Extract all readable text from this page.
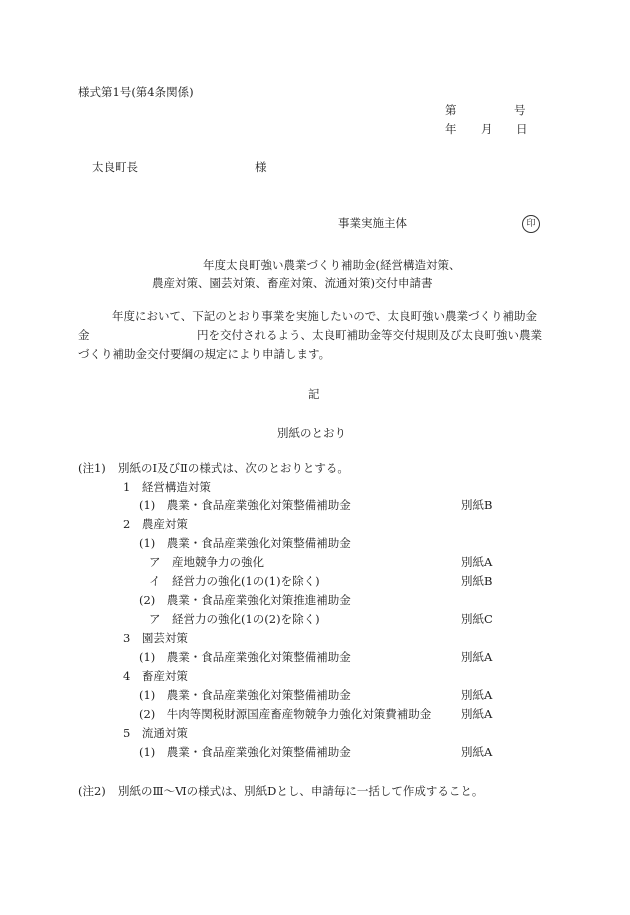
様式第1号(第4条関係)
第	号
年 月 日
太良町長	様
事業実施主体	印
年度太良町強い農業づくり補助金(経営構造対策、
農産対策、園芸対策、畜産対策、流通対策)交付申請書
年度において、下記のとおり事業を実施したいので、太良町強い農業づくり補助金
金	円を交付されるよう、太良町補助金等交付規則及び太良町強い農業
づくり補助金交付要綱の規定により申請します。
記
別紙のとおり
(注1) 別紙のⅠ及びⅡの様式は、次のとおりとする。
1　経営構造対策
(1)　農業・食品産業強化対策整備補助金	別紙B
2　農産対策
(1)　農業・食品産業強化対策整備補助金
ア　産地競争力の強化	別紙A
イ　経営力の強化(1の(1)を除く)	別紙B
(2)　農業・食品産業強化対策推進補助金
ア　経営力の強化(1の(2)を除く)	別紙C
3　園芸対策
(1)　農業・食品産業強化対策整備補助金	別紙A
4　畜産対策
(1)　農業・食品産業強化対策整備補助金	別紙A
(2)　牛肉等関税財源国産畜産物競争力強化対策費補助金	別紙A
5　流通対策
(1)　農業・食品産業強化対策整備補助金	別紙A
(注2) 別紙のⅢ～Ⅵの様式は、別紙Dとし、申請毎に一括して作成すること。
